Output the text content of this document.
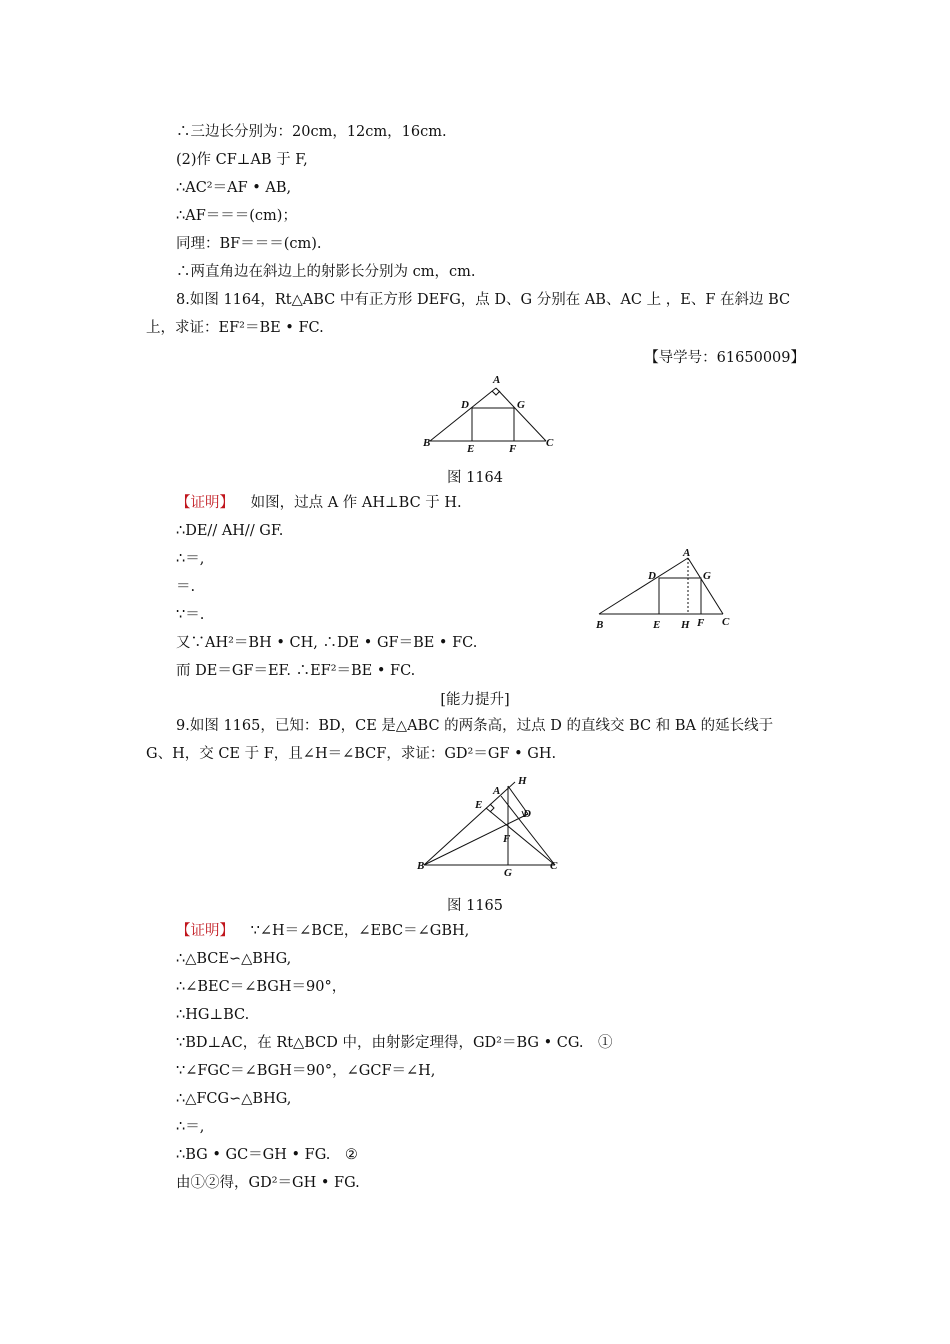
∴三边长分别为：20cm，12cm，16cm.
(2)作 CF⊥AB 于 F,
∴AC²＝AF • AB,
∴AF＝＝＝(cm)；
同理：BF＝＝＝(cm).
∴两直角边在斜边上的射影长分别为 cm，cm.
8.如图 1164，Rt△ABC 中有正方形 DEFG，点 D、G 分别在 AB、AC 上 ，E、F 在斜边 BC
上，求证：EF²＝BE • FC.
【导学号：61650009】
A
D	G
B	E	F	C
图 1164
【证明】 如图，过点 A 作 AH⊥BC 于 H.
∴DE// AH// GF.
∴＝,
＝.
∵＝.
又∵AH²＝BH • CH, ∴DE • GF＝BE • FC.
而 DE＝GF＝EF. ∴EF²＝BE • FC.
A
D	G
B	E H F C
[能力提升]
9.如图 1165，已知：BD，CE 是△ABC 的两条高，过点 D 的直线交 BC 和 BA 的延长线于
G、H，交 CE 于 F，且∠H＝∠BCF，求证：GD²＝GF • GH.
H
A
E
D
F
B
G
C
图 1165
【证明】 ∵∠H＝∠BCE，∠EBC＝∠GBH,
∴△BCE∽△BHG,
∴∠BEC＝∠BGH＝90°，
∴HG⊥BC.
∵BD⊥AC，在 Rt△BCD 中，由射影定理得，GD²＝BG • CG.　①
∵∠FGC＝∠BGH＝90°，∠GCF＝∠H,
∴△FCG∽△BHG,
∴＝,
∴BG • GC＝GH • FG.　②
由①②得，GD²＝GH • FG.
